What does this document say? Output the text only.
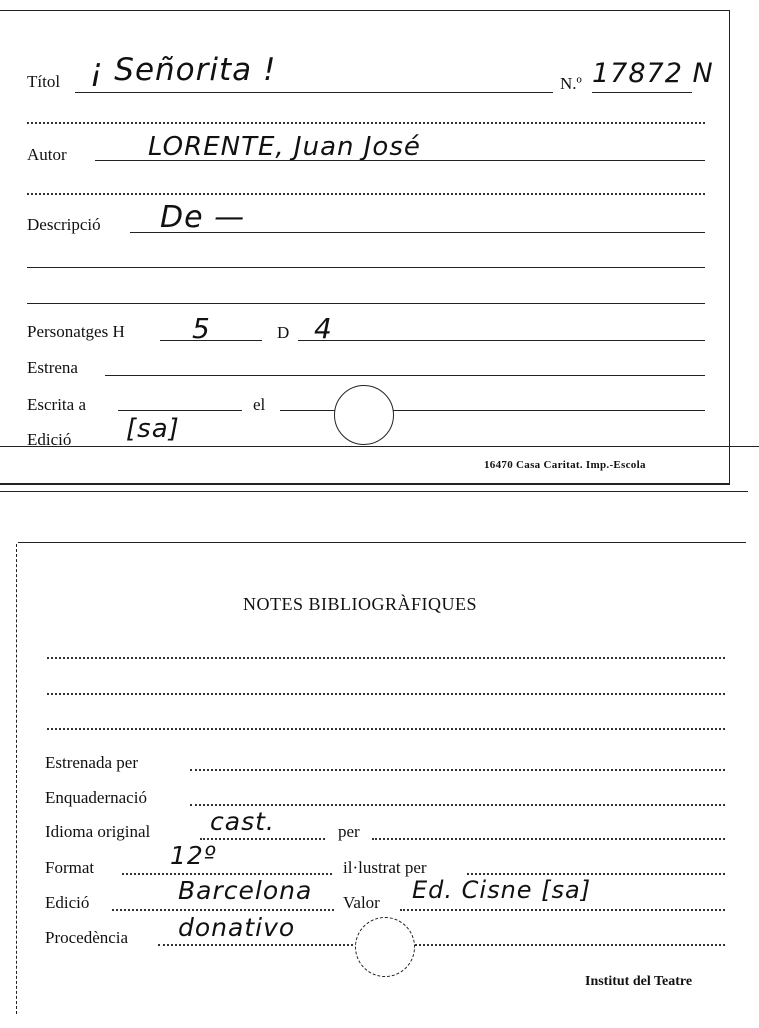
Títol ¡ Señorita !	N.º 17872 N
Autor	LORENTE, Juan José
Descripció De —
Personatges H 5	D 4
Estrena
Escrita a	el
Edició [sa]
16470 Casa Caritat. Imp.-Escola
NOTES BIBLIOGRÀFIQUES
Estrenada per
Enquadernació
Idioma original cast.	per
Format	12º	il·lustrat per
Edició	Barcelona Valor Ed. Cisne [sa]
Procedència donativo
Institut del Teatre
